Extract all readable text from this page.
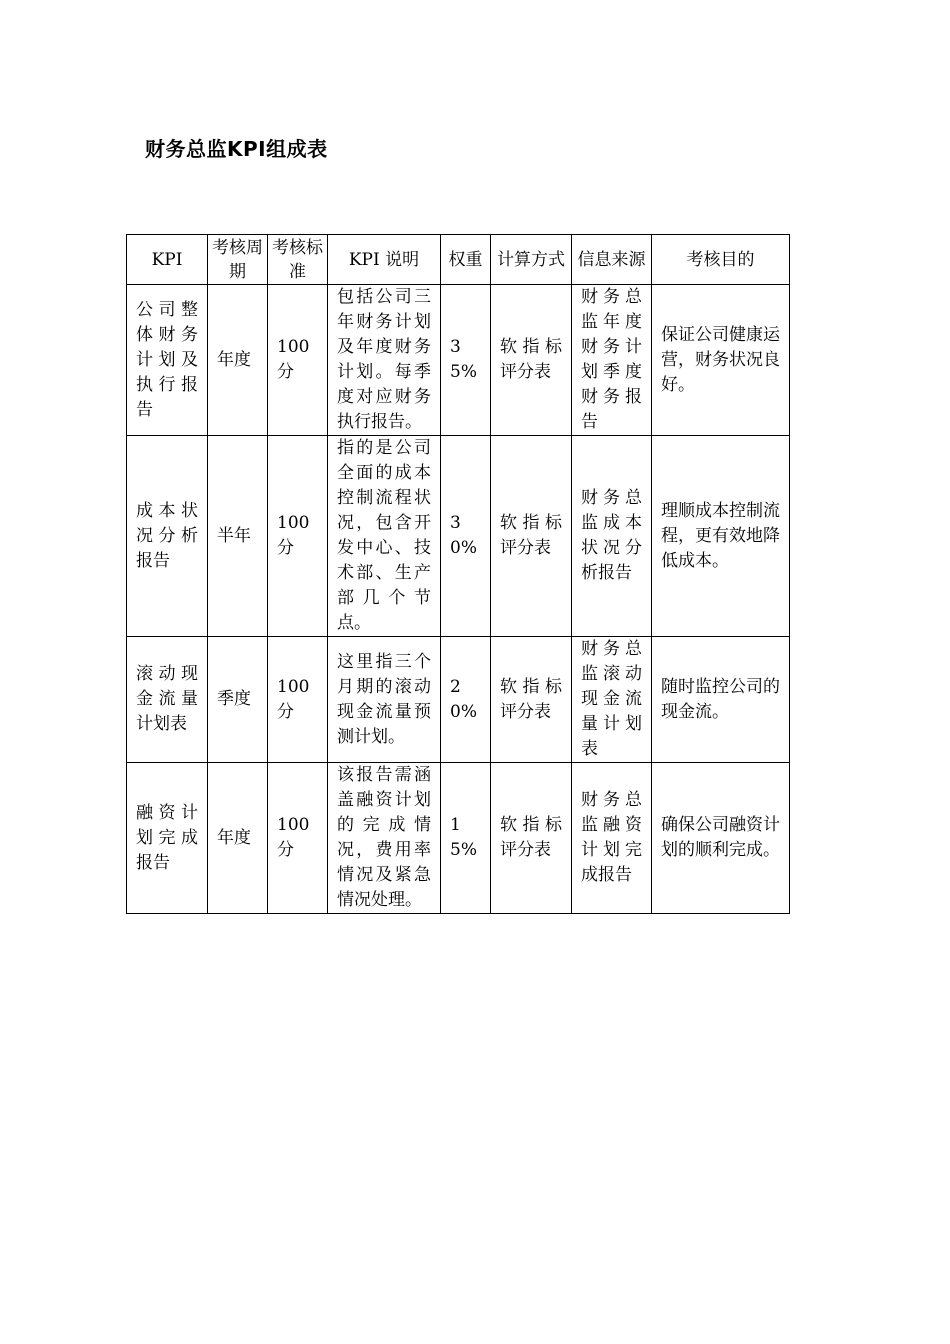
财务总监KPI组成表
KPI	考核周期	考核标准	KPI 说明	权重	计算方式	信息来源	考核目的
公司整体财务计划及执行报告	年度	100分	包括公司三年财务计划及年度财务计划。每季度对应财务执行报告。	35%	软指标评分表	财务总监年度财务计划季度财务报告	保证公司健康运营，财务状况良好。
成本状况分析报告	半年	100分	指的是公司全面的成本控制流程状况，包含开发中心、技术部、生产部几个节点。	30%	软指标评分表	财务总监成本状况分析报告	理顺成本控制流程，更有效地降低成本。
滚动现金流量计划表	季度	100分	这里指三个月期的滚动现金流量预测计划。	20%	软指标评分表	财务总监滚动现金流量计划表	随时监控公司的现金流。
融资计划完成报告	年度	100分	该报告需涵盖融资计划的完成情况，费用率情况及紧急情况处理。	15%	软指标评分表	财务总监融资计划完成报告	确保公司融资计划的顺利完成。
